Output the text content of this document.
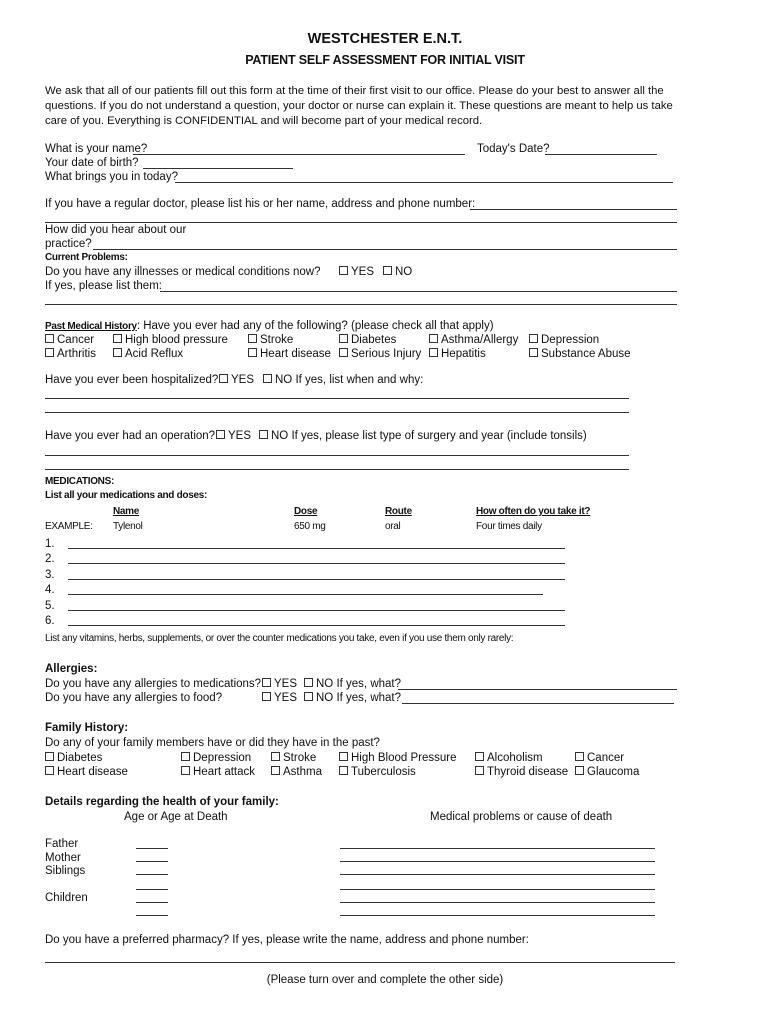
WESTCHESTER E.N.T.
PATIENT SELF ASSESSMENT FOR INITIAL VISIT
We ask that all of our patients fill out this form at the time of their first visit to our office. Please do your best to answer all the
questions. If you do not understand a question, your doctor or nurse can explain it. These questions are meant to help us take
care of you. Everything is CONFIDENTIAL and will become part of your medical record.
What is your name?	Today's Date?
Your date of birth?
What brings you in today?
If you have a regular doctor, please list his or her name, address and phone number:
How did you hear about our
practice?
Current Problems:
Do you have any illnesses or medical conditions now?	YES	NO
If yes, please list them:
Past Medical History: Have you ever had any of the following? (please check all that apply)
Cancer	High blood pressure	Stroke	Diabetes	Asthma/Allergy	Depression
Arthritis	Acid Reflux	Heart disease	Serious Injury	Hepatitis	Substance Abuse
Have you ever been hospitalized?	YES	NO If yes, list when and why:
Have you ever had an operation?	YES	NO If yes, please list type of surgery and year (include tonsils)
MEDICATIONS:
List all your medications and doses:
Name	Dose	Route	How often do you take it?
EXAMPLE: Tylenol	650 mg	oral	Four times daily
1.
2.
3.
4.
5.
6.
List any vitamins, herbs, supplements, or over the counter medications you take, even if you use them only rarely:
Allergies:
Do you have any allergies to medications?	YES	NO If yes, what?
Do you have any allergies to food?	YES	NO If yes, what?
Family History:
Do any of your family members have or did they have in the past?
Diabetes	Depression	Stroke	High Blood Pressure	Alcoholism	Cancer
Heart disease	Heart attack	Asthma	Tuberculosis	Thyroid disease	Glaucoma
Details regarding the health of your family:
Age or Age at Death	Medical problems or cause of death
Father
Mother
Siblings
Children
Do you have a preferred pharmacy? If yes, please write the name, address and phone number:
(Please turn over and complete the other side)
